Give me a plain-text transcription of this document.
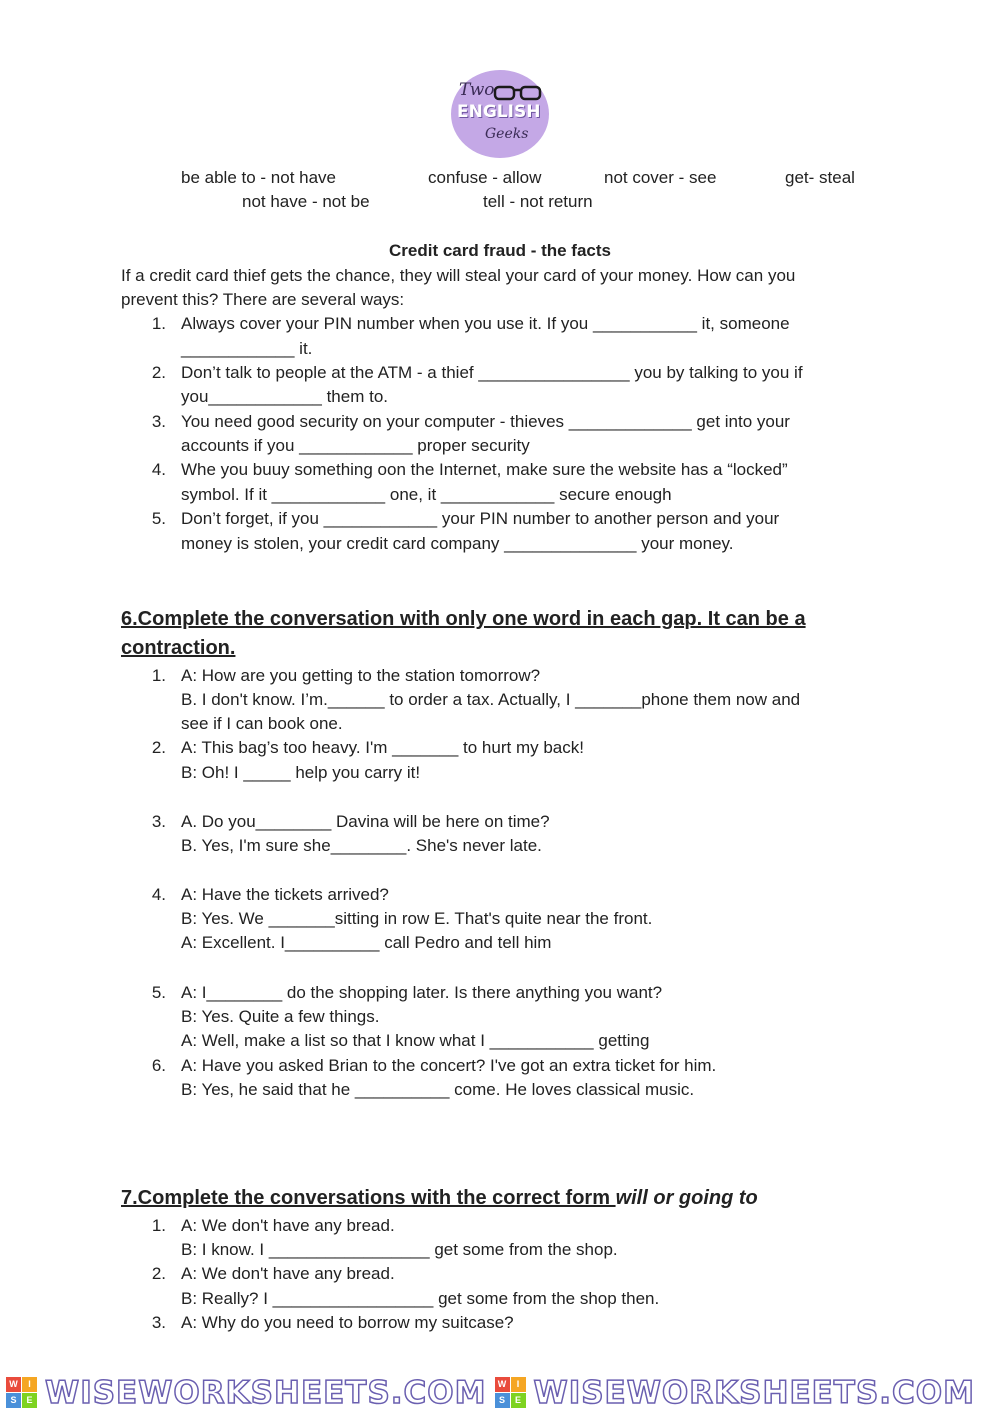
Two
ENGLISH
Geeks
be able to - not have	confuse - allow	not cover - see	get- steal
not have - not be	tell - not return
Credit card fraud - the facts
If a credit card thief gets the chance, they will steal your card of your money. How can you
prevent this? There are several ways:
1. Always cover your PIN number when you use it. If you ___________ it, someone
____________ it.
2. Don’t talk to people at the ATM - a thief ________________ you by talking to you if
you____________ them to.
3. You need good security on your computer - thieves _____________ get into your
accounts if you ____________ proper security
4. Whe you buuy something oon the Internet, make sure the website has a “locked”
symbol. If it ____________ one, it ____________ secure enough
5. Don’t forget, if you ____________ your PIN number to another person and your
money is stolen, your credit card company ______________ your money.
6.Complete the conversation with only one word in each gap. It can be a
contraction.
1. A: How are you getting to the station tomorrow?
B. I don't know. I’m.______ to order a tax. Actually, I _______phone them now and
see if I can book one.
2. A: This bag’s too heavy. I'm _______ to hurt my back!
B: Oh! I _____ help you carry it!
3. A. Do you________ Davina will be here on time?
B. Yes, I'm sure she________. She's never late.
4. A: Have the tickets arrived?
B: Yes. We _______sitting in row E. That's quite near the front.
A: Excellent. I__________ call Pedro and tell him
5. A: I________ do the shopping later. Is there anything you want?
B: Yes. Quite a few things.
A: Well, make a list so that I know what I ___________ getting
6. A: Have you asked Brian to the concert? I've got an extra ticket for him.
B: Yes, he said that he __________ come. He loves classical music.
7.Complete the conversations with the correct form will or going to
1. A: We don't have any bread.
B: I know. I _________________ get some from the shop.
2. A: We don't have any bread.
B: Really? I _________________ get some from the shop then.
3. A: Why do you need to borrow my suitcase?
W	I
S	E WISEWORKSHEETS.COM	W	I
S	E WISEWORKSHEETS.COM
